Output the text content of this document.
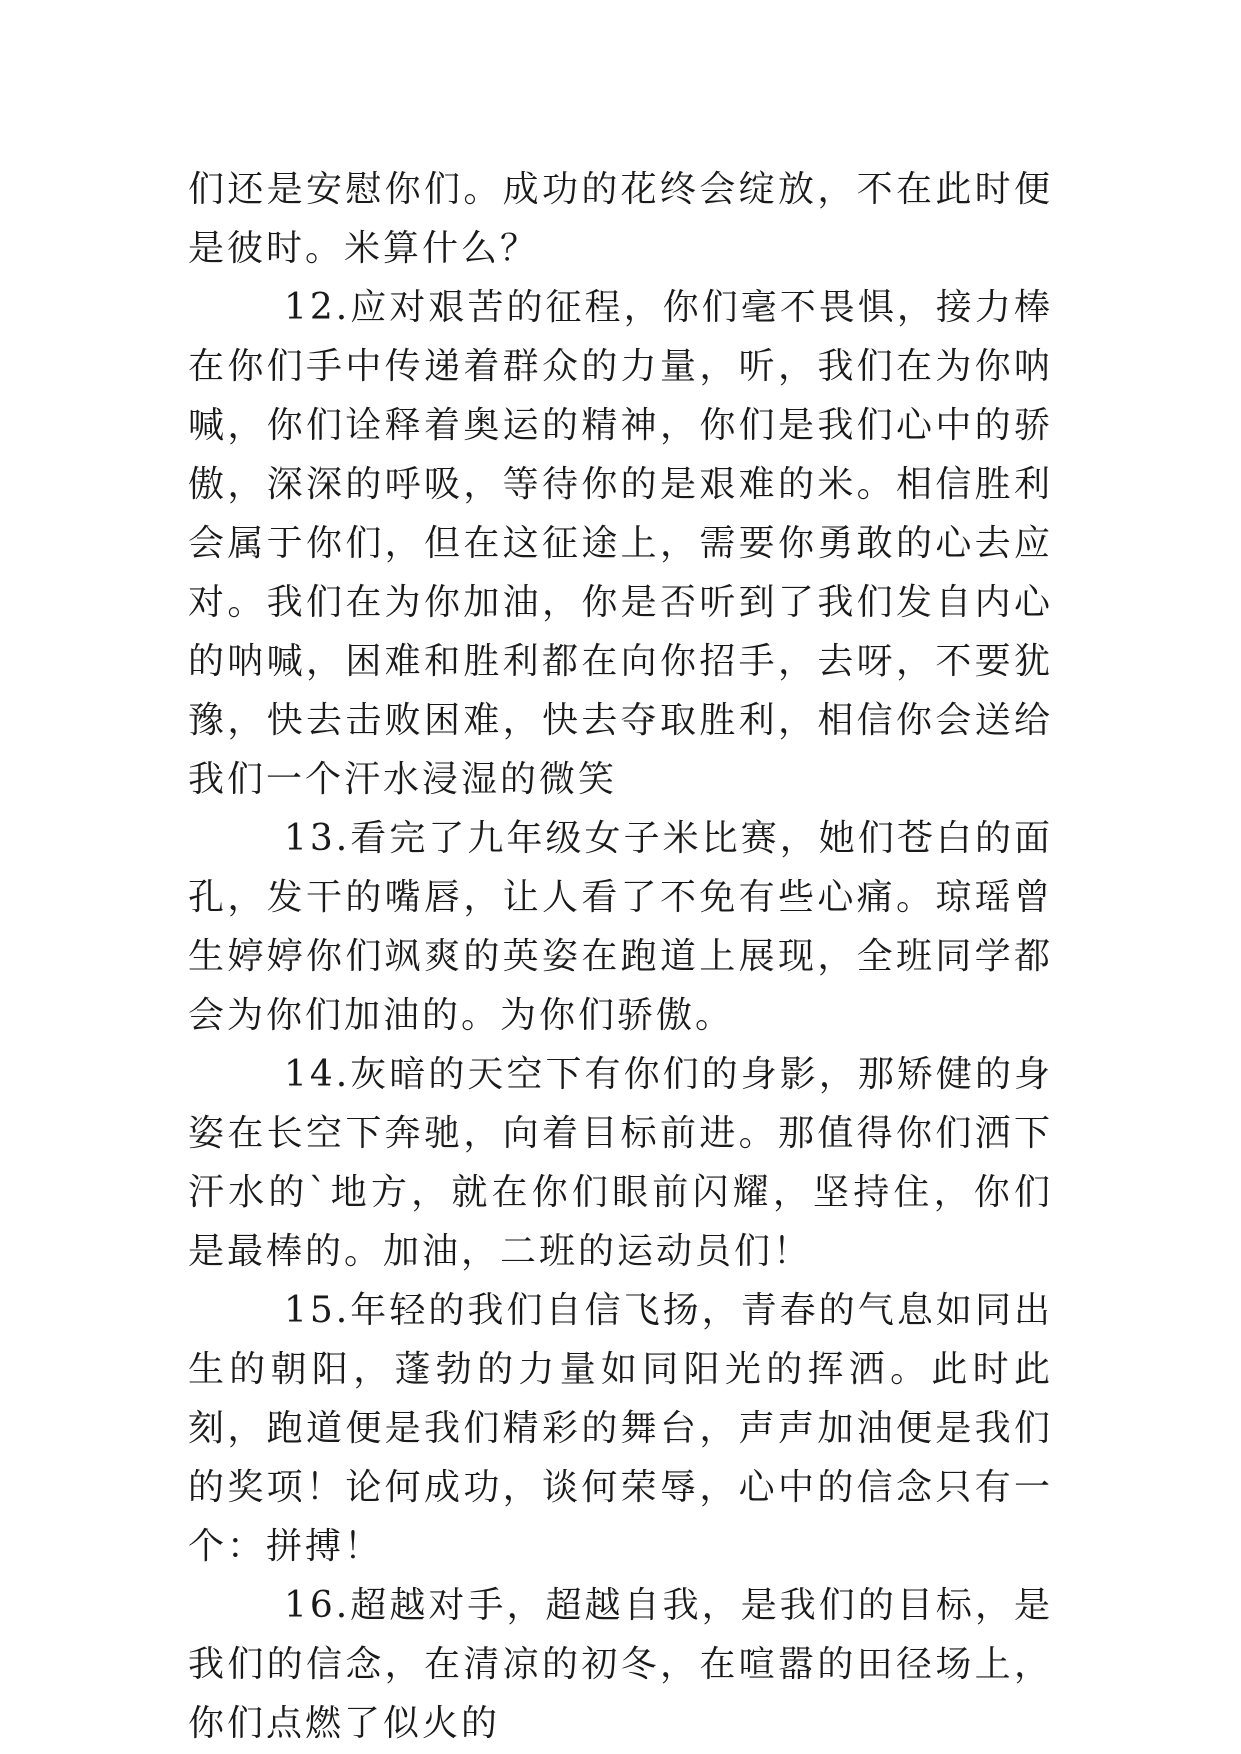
们还是安慰你们。成功的花终会绽放，不在此时便是彼时。米算什么？

12.应对艰苦的征程，你们毫不畏惧，接力棒在你们手中传递着群众的力量，听，我们在为你呐喊，你们诠释着奥运的精神，你们是我们心中的骄傲，深深的呼吸，等待你的是艰难的米。相信胜利会属于你们，但在这征途上，需要你勇敢的心去应对。我们在为你加油，你是否听到了我们发自内心的呐喊，困难和胜利都在向你招手，去呀，不要犹豫，快去击败困难，快去夺取胜利，相信你会送给我们一个汗水浸湿的微笑

13.看完了九年级女子米比赛，她们苍白的面孔，发干的嘴唇，让人看了不免有些心痛。琼瑶曾生婷婷你们飒爽的英姿在跑道上展现，全班同学都会为你们加油的。为你们骄傲。

14.灰暗的天空下有你们的身影，那矫健的身姿在长空下奔驰，向着目标前进。那值得你们洒下汗水的`地方，就在你们眼前闪耀，坚持住，你们是最棒的。加油，二班的运动员们！

15.年轻的我们自信飞扬，青春的气息如同出生的朝阳，蓬勃的力量如同阳光的挥洒。此时此刻，跑道便是我们精彩的舞台，声声加油便是我们的奖项！论何成功，谈何荣辱，心中的信念只有一个：拼搏！

16.超越对手，超越自我，是我们的目标，是我们的信念，在清凉的初冬，在喧嚣的田径场上，你们点燃了似火的
